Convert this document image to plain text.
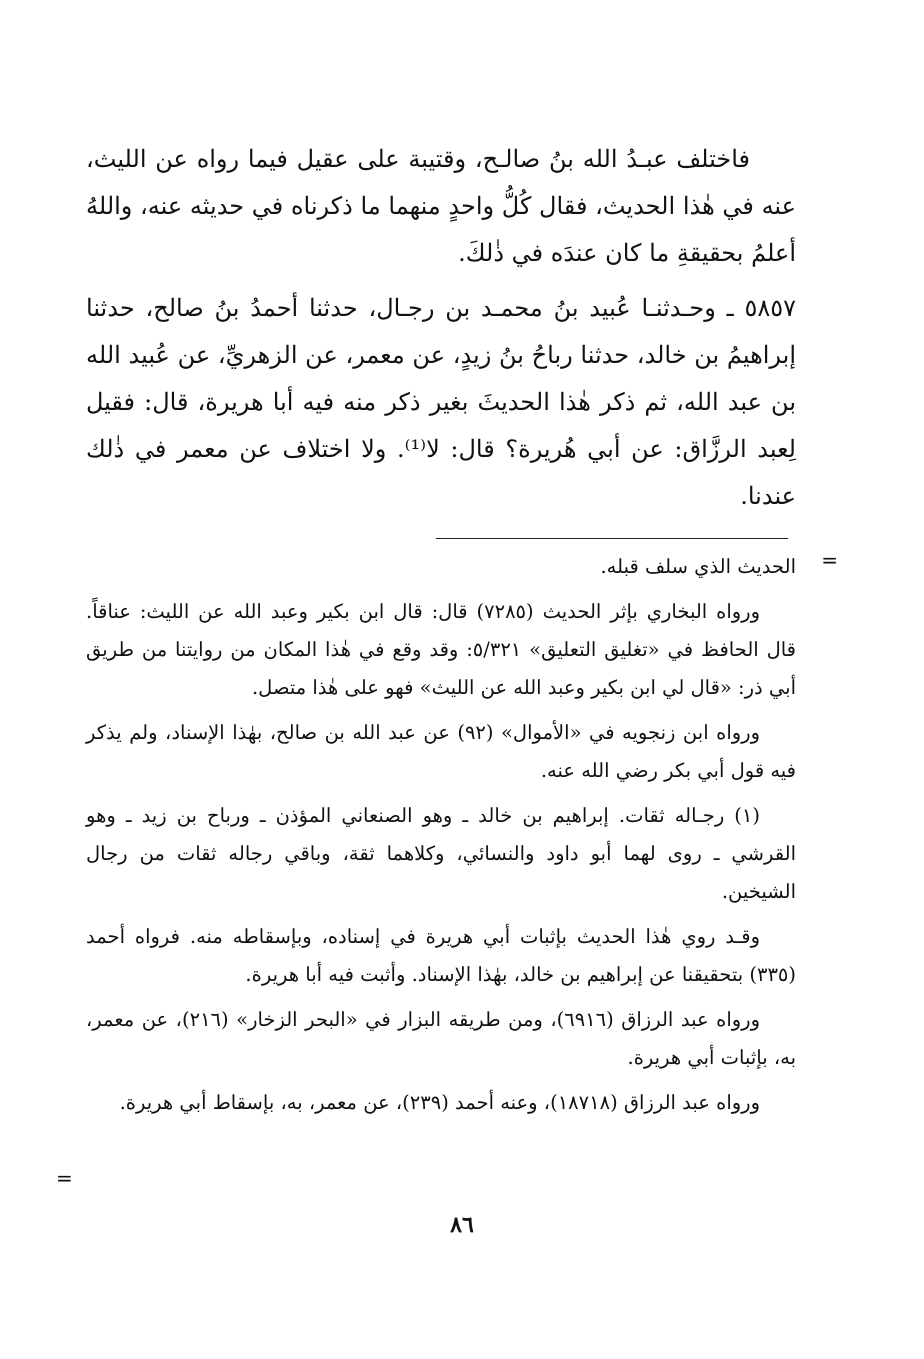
فاختلف عبـدُ الله بنُ صالـح، وقتيبة على عقيل فيما رواه عن الليث، عنه في هٰذا الحديث، فقال كُلُّ واحدٍ منهما ما ذكرناه في حديثه عنه، واللهُ أعلمُ بحقيقةِ ما كان عندَه في ذٰلكَ.

٥٨٥٧ ـ وحـدثنـا عُبيد بنُ محمـد بن رجـال، حدثنا أحمدُ بنُ صالح، حدثنا إبراهيمُ بن خالد، حدثنا رباحُ بنُ زيدٍ، عن معمر، عن الزهريِّ، عن عُبيد الله بن عبد الله، ثم ذكر هٰذا الحديثَ بغير ذكر منه فيه أبا هريرة، قال: فقيل لِعبد الرزَّاق: عن أبي هُريرة؟ قال: لا⁽¹⁾. ولا اختلاف عن معمر في ذٰلك عندنا.

=

الحديث الذي سلف قبله.

ورواه البخاري بإثر الحديث (٧٢٨٥) قال: قال ابن بكير وعبد الله عن الليث: عناقاً. قال الحافظ في «تغليق التعليق» ٥/٣٢١: وقد وقع في هٰذا المكان من روايتنا من طريق أبي ذر: «قال لي ابن بكير وعبد الله عن الليث» فهو على هٰذا متصل.

ورواه ابن زنجويه في «الأموال» (٩٢) عن عبد الله بن صالح، بهٰذا الإسناد، ولم يذكر فيه قول أبي بكر رضي الله عنه.

(١) رجـاله ثقات. إبراهيم بن خالد ـ وهو الصنعاني المؤذن ـ ورباح بن زيد ـ وهو القرشي ـ روى لهما أبو داود والنسائي، وكلاهما ثقة، وباقي رجاله ثقات من رجال الشيخين.

وقـد روي هٰذا الحديث بإثبات أبي هريرة في إسناده، وبإسقاطه منه. فرواه أحمد (٣٣٥) بتحقيقنا عن إبراهيم بن خالد، بهٰذا الإسناد. وأثبت فيه أبا هريرة.

ورواه عبد الرزاق (٦٩١٦)، ومن طريقه البزار في «البحر الزخار» (٢١٦)، عن معمر، به، بإثبات أبي هريرة.

ورواه عبد الرزاق (١٨٧١٨)، وعنه أحمد (٢٣٩)، عن معمر، به، بإسقاط أبي هريرة.

=
٨٦
